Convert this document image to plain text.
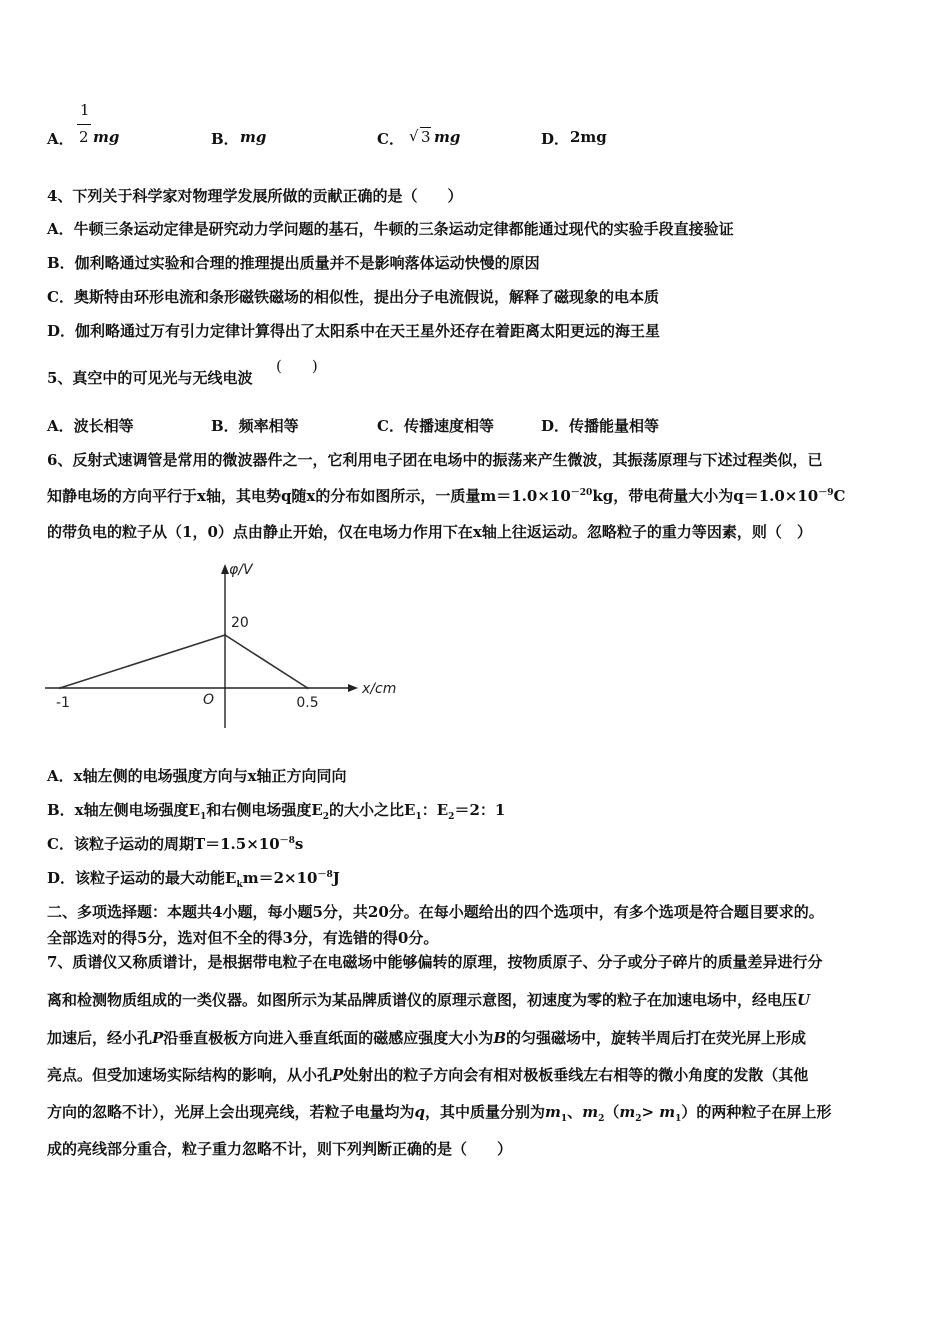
A．
1
2 mg	B． mg	C． √ 3 mg	D． 2mg
4、下列关于科学家对物理学发展所做的贡献正确的是（　　）
A．牛顿三条运动定律是研究动力学问题的基石，牛顿的三条运动定律都能通过现代的实验手段直接验证
B．伽利略通过实验和合理的推理提出质量并不是影响落体运动快慢的原因
C．奥斯特由环形电流和条形磁铁磁场的相似性，提出分子电流假说，解释了磁现象的电本质
D．伽利略通过万有引力定律计算得出了太阳系中在天王星外还存在着距离太阳更远的海王星
5、真空中的可见光与无线电波
(　　)
A．波长相等	B．频率相等	C．传播速度相等	D．传播能量相等
6、反射式速调管是常用的微波器件之一，它利用电子团在电场中的振荡来产生微波，其振荡原理与下述过程类似，已
知静电场的方向平行于x轴，其电势q随x的分布如图所示，一质量$m=1.0\times 10^{-20}kg$，带电荷量大小为$q=1.0\times 10^{-9}C$
的带负电的粒子从（1，0）点由静止开始，仅在电场力作用下在x轴上往返运动。忽略粒子的重力等因素，则（　）
φ/V
x/cm
20
-1	O	0.5
A．x轴左侧的电场强度方向与x轴正方向同向
B．x轴左侧电场强度$E_1$和右侧电场强度$E_2$的大小之比$E_1$：$E_2=2$：1
C．该粒子运动的周期$T=1.5\times 10^{-8}s$
D．该粒子运动的最大动能$E_km=2\times 10^{-8}J$
二、多项选择题：本题共4小题，每小题5分，共20分。在每小题给出的四个选项中，有多个选项是符合题目要求的。
全部选对的得5分，选对但不全的得3分，有选错的得0分。
7、质谱仪又称质谱计，是根据带电粒子在电磁场中能够偏转的原理，按物质原子、分子或分子碎片的质量差异进行分
离和检测物质组成的一类仪器。如图所示为某品牌质谱仪的原理示意图，初速度为零的粒子在加速电场中，经电压U
加速后，经小孔P沿垂直极板方向进入垂直纸面的磁感应强度大小为B的匀强磁场中，旋转半周后打在荧光屏上形成
亮点。但受加速场实际结构的影响，从小孔P处射出的粒子方向会有相对极板垂线左右相等的微小角度的发散（其他
方向的忽略不计），光屏上会出现亮线，若粒子电量均为q，其中质量分别为$m_1$、$m_2(m_2> m_1)$的两种粒子在屏上形
成的亮线部分重合，粒子重力忽略不计，则下列判断正确的是（　　）
